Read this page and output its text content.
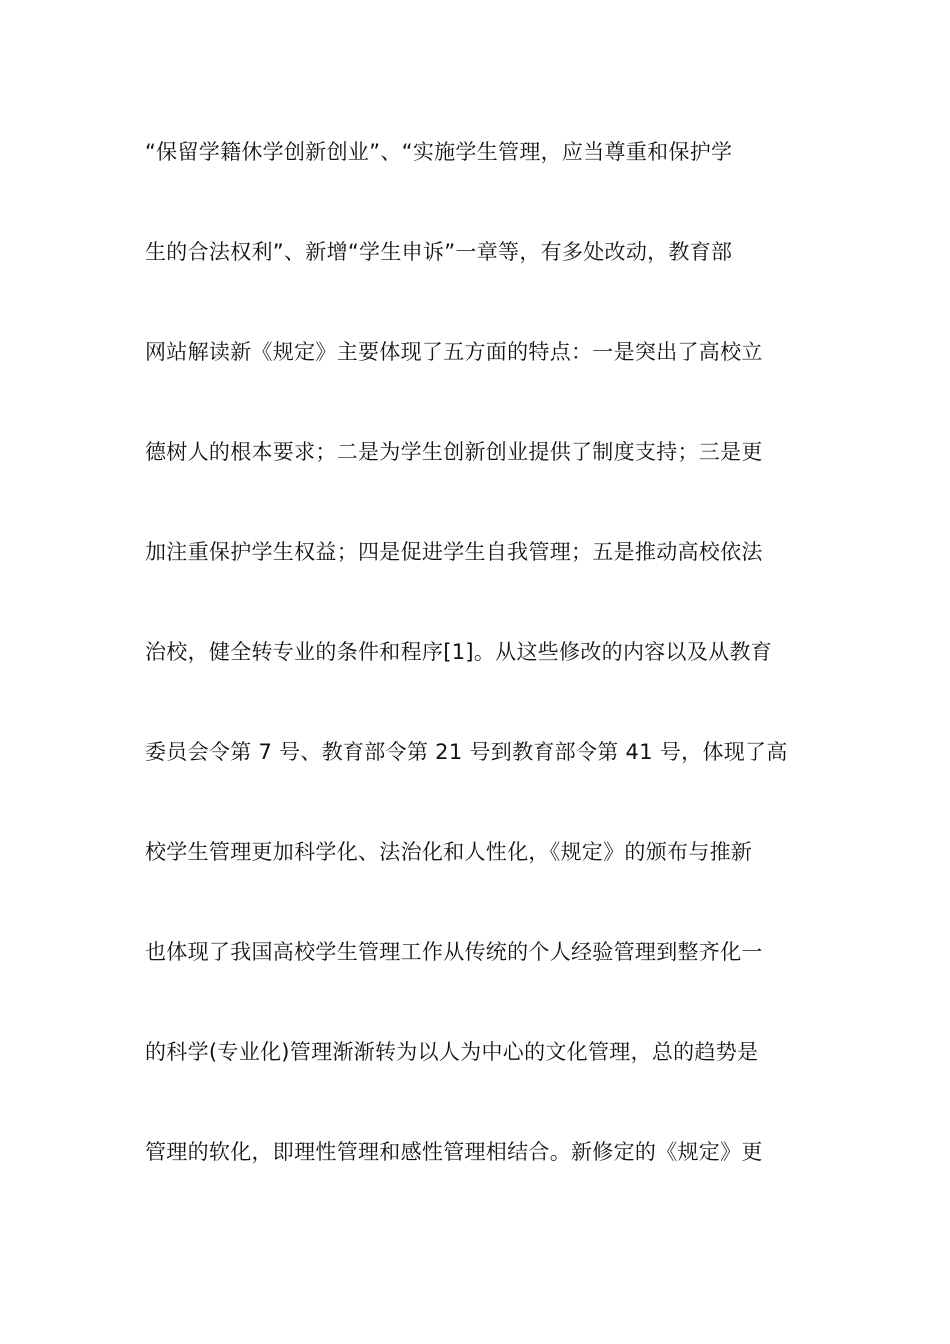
“保留学籍休学创新创业”、“实施学生管理，应当尊重和保护学
生的合法权利”、新增“学生申诉”一章等，有多处改动，教育部
网站解读新《规定》主要体现了五方面的特点：一是突出了高校立
德树人的根本要求；二是为学生创新创业提供了制度支持；三是更
加注重保护学生权益；四是促进学生自我管理；五是推动高校依法
治校，健全转专业的条件和程序[1]。从这些修改的内容以及从教育
委员会令第 7 号、教育部令第 21 号到教育部令第 41 号，体现了高
校学生管理更加科学化、法治化和人性化，《规定》的颁布与推新
也体现了我国高校学生管理工作从传统的个人经验管理到整齐化一
的科学(专业化)管理渐渐转为以人为中心的文化管理，总的趋势是
管理的软化，即理性管理和感性管理相结合。新修定的《规定》更
